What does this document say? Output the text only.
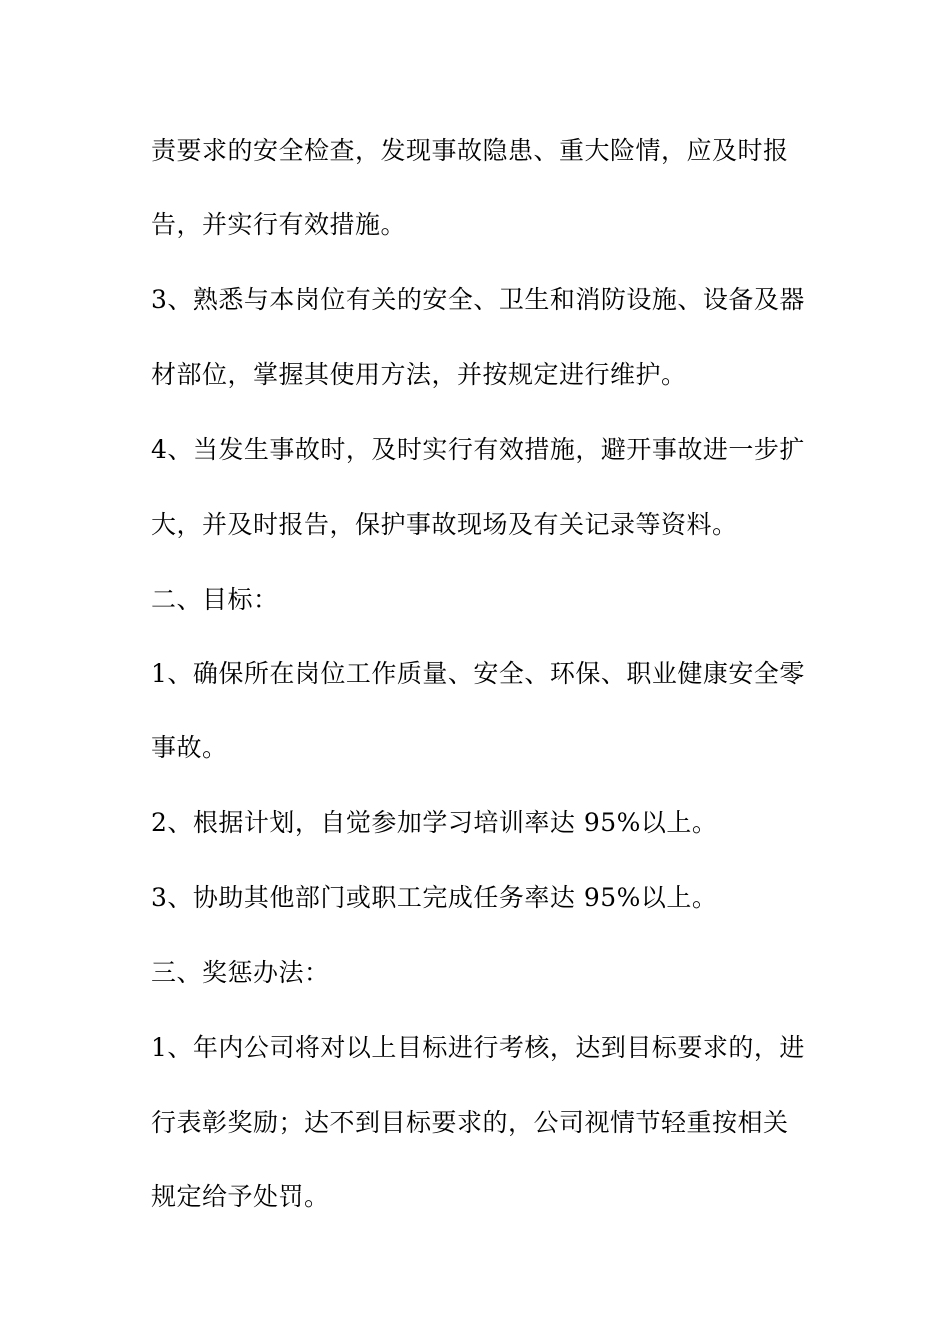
责要求的安全检查，发现事故隐患、重大险情，应及时报
告，并实行有效措施。
3、熟悉与本岗位有关的安全、卫生和消防设施、设备及器
材部位，掌握其使用方法，并按规定进行维护。
4、当发生事故时，及时实行有效措施，避开事故进一步扩
大，并及时报告，保护事故现场及有关记录等资料。
二、目标：
1、确保所在岗位工作质量、安全、环保、职业健康安全零
事故。
2、根据计划，自觉参加学习培训率达 95%以上。
3、协助其他部门或职工完成任务率达 95%以上。
三、奖惩办法：
1、年内公司将对以上目标进行考核，达到目标要求的，进
行表彰奖励；达不到目标要求的，公司视情节轻重按相关
规定给予处罚。
